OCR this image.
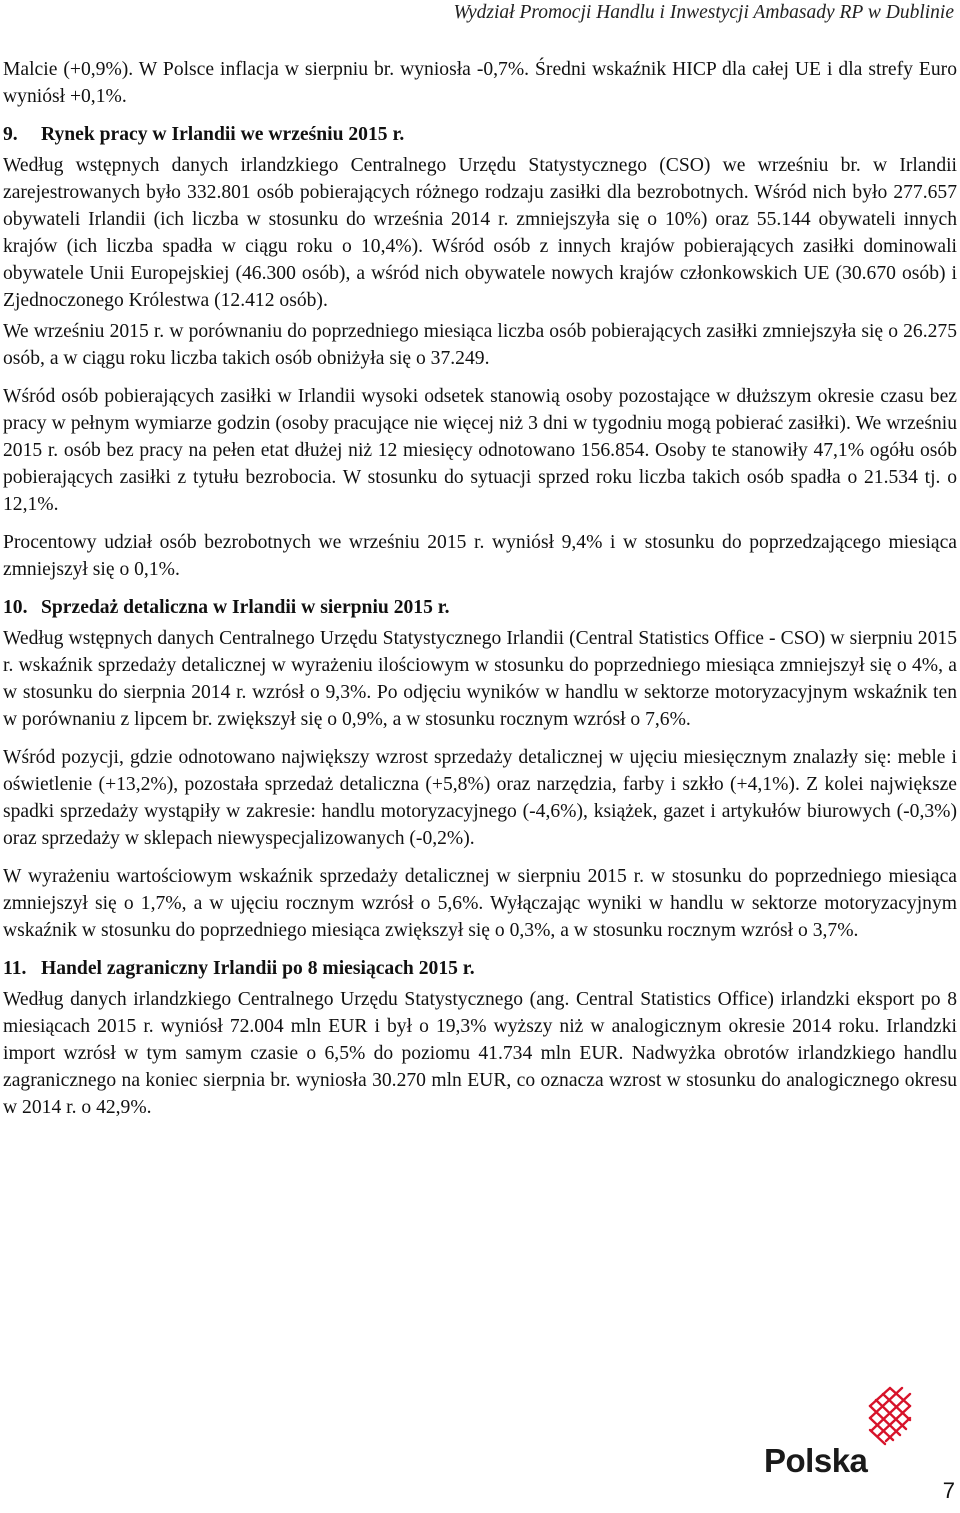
Wydział Promocji Handlu i Inwestycji Ambasady RP w Dublinie

Malcie (+0,9%). W Polsce inflacja w sierpniu br. wyniosła -0,7%. Średni wskaźnik HICP dla całej UE i dla strefy Euro wyniósł +0,1%.

9.	Rynek pracy w Irlandii we wrześniu 2015 r.

Według wstępnych danych irlandzkiego Centralnego Urzędu Statystycznego (CSO) we wrześniu br. w Irlandii zarejestrowanych było 332.801 osób pobierających różnego rodzaju zasiłki dla bezrobotnych. Wśród nich było 277.657 obywateli Irlandii (ich liczba w stosunku do września 2014 r. zmniejszyła się o 10%) oraz 55.144 obywateli innych krajów (ich liczba spadła w ciągu roku o 10,4%). Wśród osób z innych krajów pobierających zasiłki dominowali obywatele Unii Europejskiej (46.300 osób), a wśród nich obywatele nowych krajów członkowskich UE (30.670 osób) i Zjednoczonego Królestwa (12.412 osób).

We wrześniu 2015 r. w porównaniu do poprzedniego miesiąca liczba osób pobierających zasiłki zmniejszyła się o 26.275 osób, a w ciągu roku liczba takich osób obniżyła się o 37.249.

Wśród osób pobierających zasiłki w Irlandii wysoki odsetek stanowią osoby pozostające w dłuższym okresie czasu bez pracy w pełnym wymiarze godzin (osoby pracujące nie więcej niż 3 dni w tygodniu mogą pobierać zasiłki). We wrześniu 2015 r. osób bez pracy na pełen etat dłużej niż 12 miesięcy odnotowano 156.854. Osoby te stanowiły 47,1% ogółu osób pobierających zasiłki z tytułu bezrobocia. W stosunku do sytuacji sprzed roku liczba takich osób spadła o 21.534 tj. o 12,1%.

Procentowy udział osób bezrobotnych we wrześniu 2015 r. wyniósł 9,4% i w stosunku do poprzedzającego miesiąca zmniejszył się o 0,1%.

10. Sprzedaż detaliczna w Irlandii w sierpniu 2015 r.

Według wstępnych danych Centralnego Urzędu Statystycznego Irlandii (Central Statistics Office - CSO) w sierpniu 2015 r. wskaźnik sprzedaży detalicznej w wyrażeniu ilościowym w stosunku do poprzedniego miesiąca zmniejszył się o 4%, a w stosunku do sierpnia 2014 r. wzrósł o 9,3%. Po odjęciu wyników w handlu w sektorze motoryzacyjnym wskaźnik ten w porównaniu z lipcem br. zwiększył się o 0,9%, a w stosunku rocznym wzrósł o 7,6%.

Wśród pozycji, gdzie odnotowano największy wzrost sprzedaży detalicznej w ujęciu miesięcznym znalazły się: meble i oświetlenie (+13,2%), pozostała sprzedaż detaliczna (+5,8%) oraz narzędzia, farby i szkło (+4,1%). Z kolei największe spadki sprzedaży wystąpiły w zakresie: handlu motoryzacyjnego (-4,6%), książek, gazet i artykułów biurowych (-0,3%) oraz sprzedaży w sklepach niewyspecjalizowanych (-0,2%).

W wyrażeniu wartościowym wskaźnik sprzedaży detalicznej w sierpniu 2015 r. w stosunku do poprzedniego miesiąca zmniejszył się o 1,7%, a w ujęciu rocznym wzrósł o 5,6%. Wyłączając wyniki w handlu w sektorze motoryzacyjnym wskaźnik w stosunku do poprzedniego miesiąca zwiększył się o 0,3%, a w stosunku rocznym wzrósł o 3,7%.

11. Handel zagraniczny Irlandii po 8 miesiącach 2015 r.

Według danych irlandzkiego Centralnego Urzędu Statystycznego (ang. Central Statistics Office) irlandzki eksport po 8 miesiącach 2015 r. wyniósł 72.004 mln EUR i był o 19,3% wyższy niż w analogicznym okresie 2014 roku. Irlandzki import wzrósł w tym samym czasie o 6,5% do poziomu 41.734 mln EUR. Nadwyżka obrotów irlandzkiego handlu zagranicznego na koniec sierpnia br. wyniosła 30.270 mln EUR, co oznacza wzrost w stosunku do analogicznego okresu w 2014 r. o 42,9%.

Polska
7
